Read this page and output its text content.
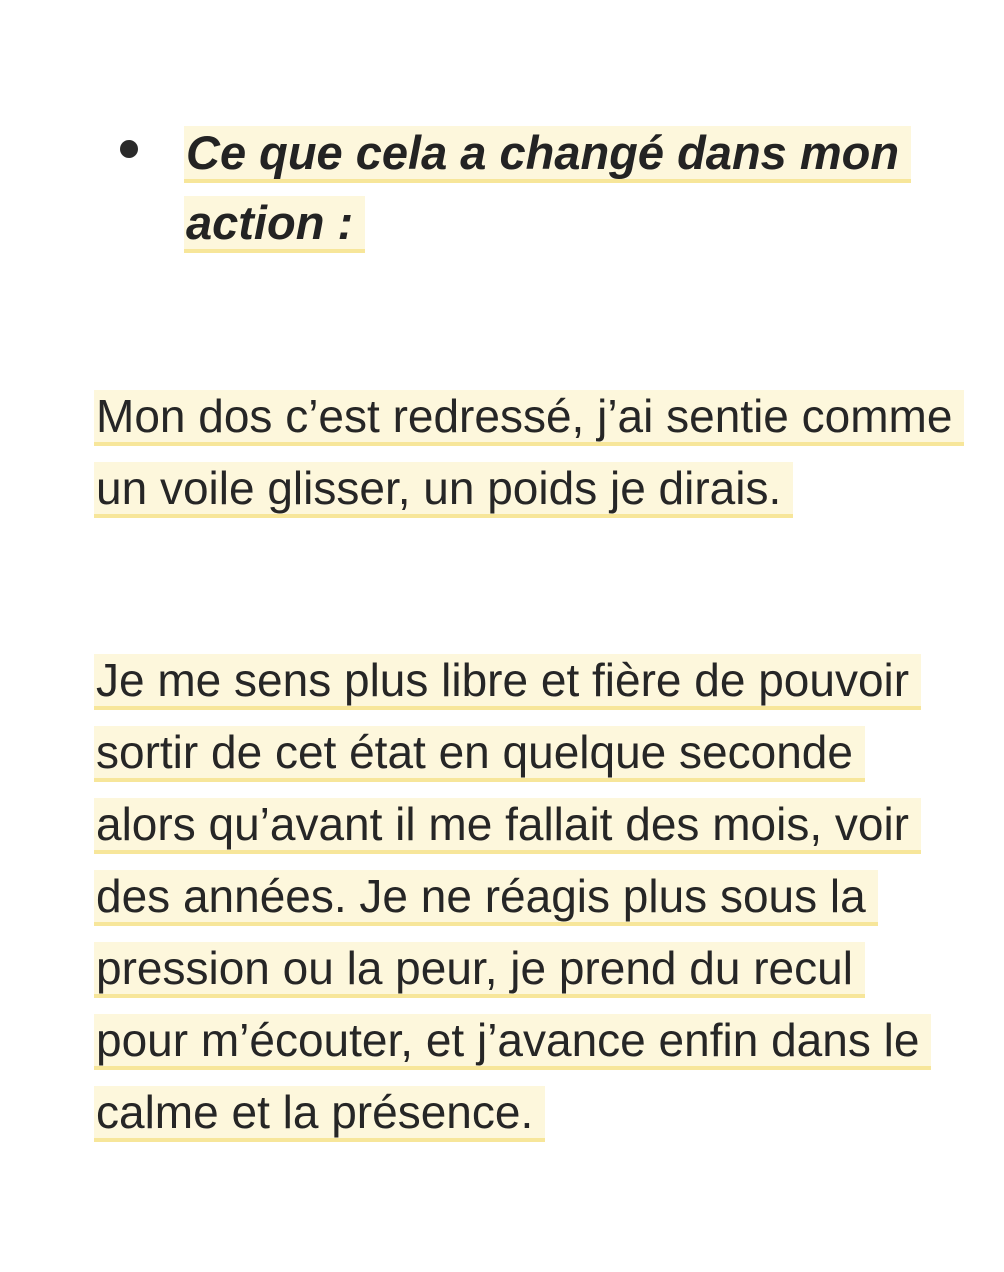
Ce que cela a changé dans mon action :

Mon dos c’est redressé, j’ai sentie comme un voile glisser, un poids je dirais.

Je me sens plus libre et fière de pouvoir sortir de cet état en quelque seconde alors qu’avant il me fallait des mois, voir des années. Je ne réagis plus sous la pression ou la peur, je prend du recul pour m’écouter, et j’avance enfin dans le calme et la présence.
